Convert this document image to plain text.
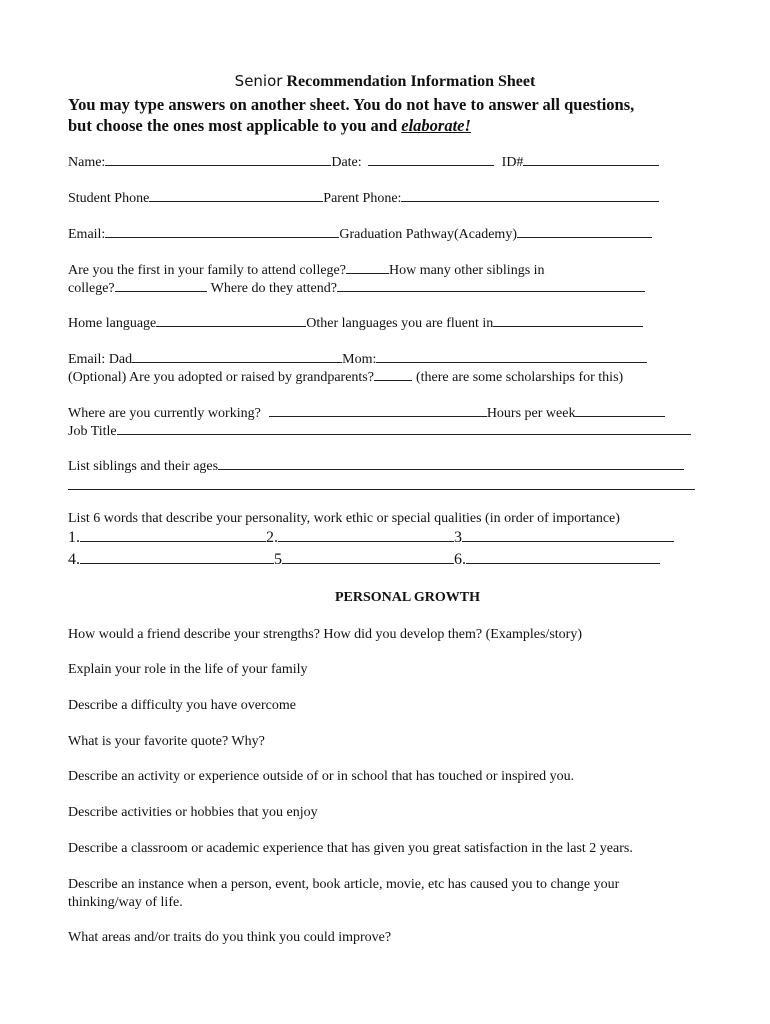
Senior Recommendation Information Sheet
You may type answers on another sheet. You do not have to answer all questions,
but choose the ones most applicable to you and elaborate!
Name:	Date:	ID#
Student Phone	Parent Phone:
Email:	Graduation Pathway(Academy)
Are you the first in your family to attend college?	How many other siblings in
college?	Where do they attend?
Home language	Other languages you are fluent in
Email: Dad	Mom:
(Optional) Are you adopted or raised by grandparents?	(there are some scholarships for this)
Where are you currently working?	Hours per week
Job Title
List siblings and their ages
List 6 words that describe your personality, work ethic or special qualities (in order of importance)
1.	2.	3
4.	5	6.
PERSONAL GROWTH
How would a friend describe your strengths? How did you develop them? (Examples/story)
Explain your role in the life of your family
Describe a difficulty you have overcome
What is your favorite quote? Why?
Describe an activity or experience outside of or in school that has touched or inspired you.
Describe activities or hobbies that you enjoy
Describe a classroom or academic experience that has given you great satisfaction in the last 2 years.
Describe an instance when a person, event, book article, movie, etc has caused you to change your
thinking/way of life.
What areas and/or traits do you think you could improve?
